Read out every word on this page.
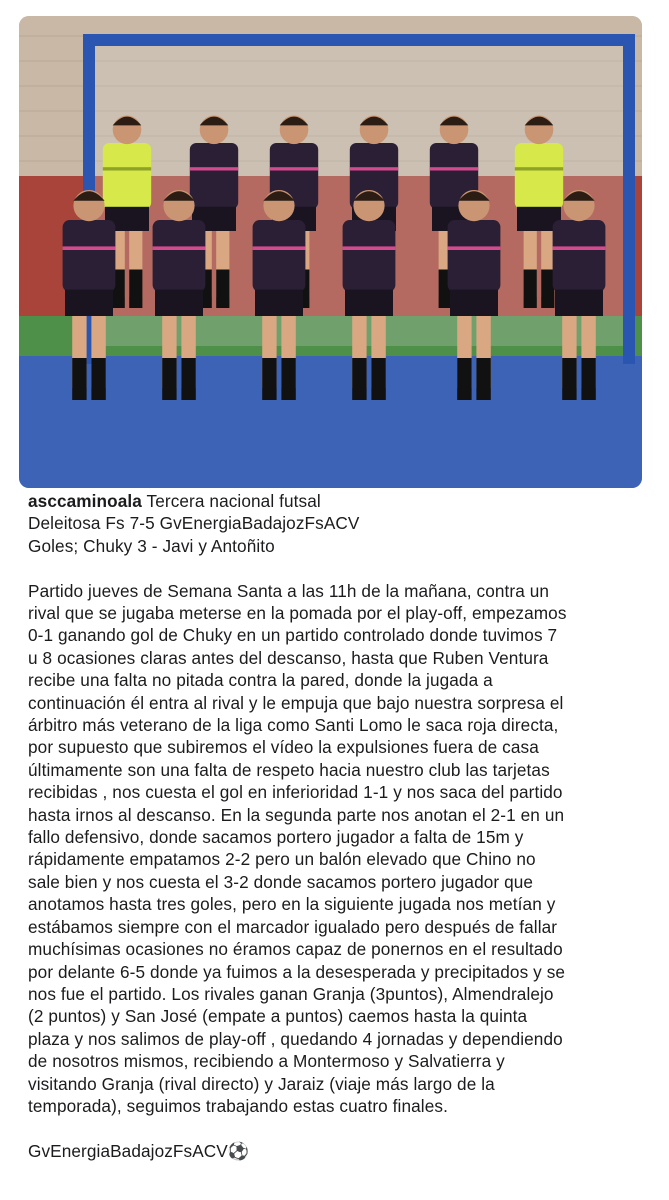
asccaminoala Tercera nacional futsal

Deleitosa Fs 7-5 GvEnergiaBadajozFsACV

Goles; Chuky 3 - Javi y Antoñito

Partido jueves de Semana Santa a las 11h de la mañana, contra un

rival que se jugaba meterse en la pomada por el play-off, empezamos

0-1 ganando gol de Chuky en un partido controlado donde tuvimos 7

u 8 ocasiones claras antes del descanso, hasta que Ruben Ventura

recibe una falta no pitada contra la pared, donde la jugada a

continuación él entra al rival y le empuja que bajo nuestra sorpresa el

árbitro más veterano de la liga como Santi Lomo le saca roja directa,

por supuesto que subiremos el vídeo la expulsiones fuera de casa

últimamente son una falta de respeto hacia nuestro club las tarjetas

recibidas , nos cuesta el gol en inferioridad 1-1 y nos saca del partido

hasta irnos al descanso. En la segunda parte nos anotan el 2-1 en un

fallo defensivo, donde sacamos portero jugador a falta de 15m y

rápidamente empatamos 2-2 pero un balón elevado que Chino no

sale bien y nos cuesta el 3-2 donde sacamos portero jugador que

anotamos hasta tres goles, pero en la siguiente jugada nos metían y

estábamos siempre con el marcador igualado pero después de fallar

muchísimas ocasiones no éramos capaz de ponernos en el resultado

por delante 6-5 donde ya fuimos a la desesperada y precipitados y se

nos fue el partido. Los rivales ganan Granja (3puntos), Almendralejo

(2 puntos) y San José (empate a puntos) caemos hasta la quinta

plaza y nos salimos de play-off , quedando 4 jornadas y dependiendo

de nosotros mismos, recibiendo a Montermoso y Salvatierra y

visitando Granja (rival directo) y Jaraiz (viaje más largo de la

temporada), seguimos trabajando estas cuatro finales.

GvEnergiaBadajozFsACV⚽
